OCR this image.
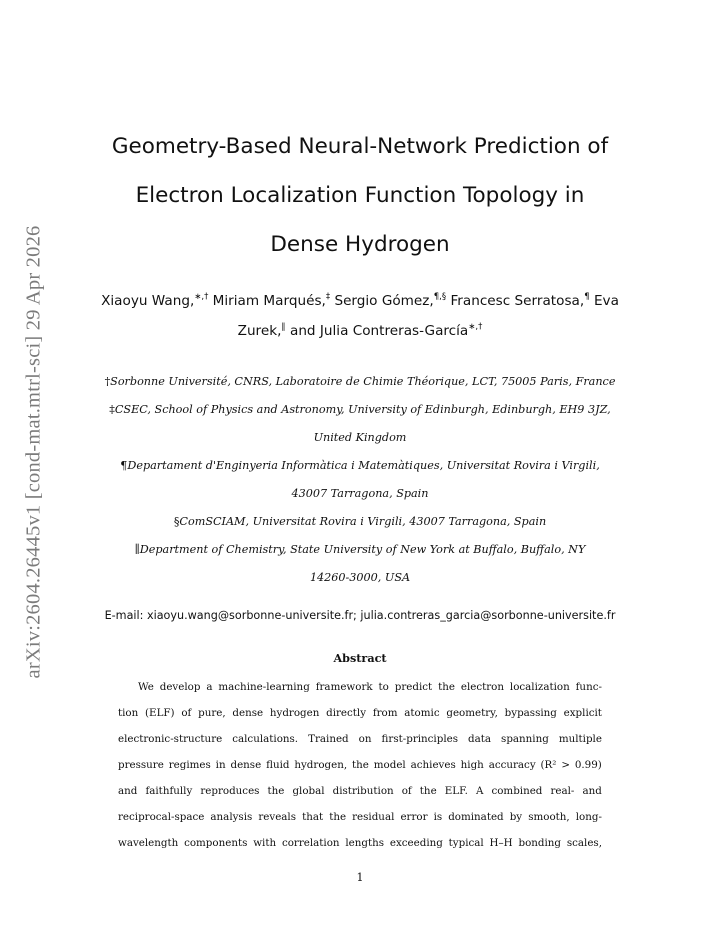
arXiv:2604.26445v1 [cond-mat.mtrl-sci] 29 Apr 2026
Geometry-Based Neural-Network Prediction of
Electron Localization Function Topology in
Dense Hydrogen
Xiaoyu Wang,∗,† Miriam Marqués,‡ Sergio Gómez,¶,§ Francesc Serratosa,¶ Eva
Zurek,∥ and Julia Contreras-García∗,†
†Sorbonne Université, CNRS, Laboratoire de Chimie Théorique, LCT, 75005 Paris, France
‡CSEC, School of Physics and Astronomy, University of Edinburgh, Edinburgh, EH9 3JZ,
United Kingdom
¶Departament d'Enginyeria Informàtica i Matemàtiques, Universitat Rovira i Virgili,
43007 Tarragona, Spain
§ComSCIAM, Universitat Rovira i Virgili, 43007 Tarragona, Spain
∥Department of Chemistry, State University of New York at Buffalo, Buffalo, NY
14260-3000, USA
E-mail: xiaoyu.wang@sorbonne-universite.fr; julia.contreras_garcia@sorbonne-universite.fr
Abstract
We develop a machine-learning framework to predict the electron localization func-
tion (ELF) of pure, dense hydrogen directly from atomic geometry, bypassing explicit
electronic-structure calculations. Trained on first-principles data spanning multiple
pressure regimes in dense fluid hydrogen, the model achieves high accuracy (R² > 0.99)
and faithfully reproduces the global distribution of the ELF. A combined real- and
reciprocal-space analysis reveals that the residual error is dominated by smooth, long-
wavelength components with correlation lengths exceeding typical H–H bonding scales,
1
